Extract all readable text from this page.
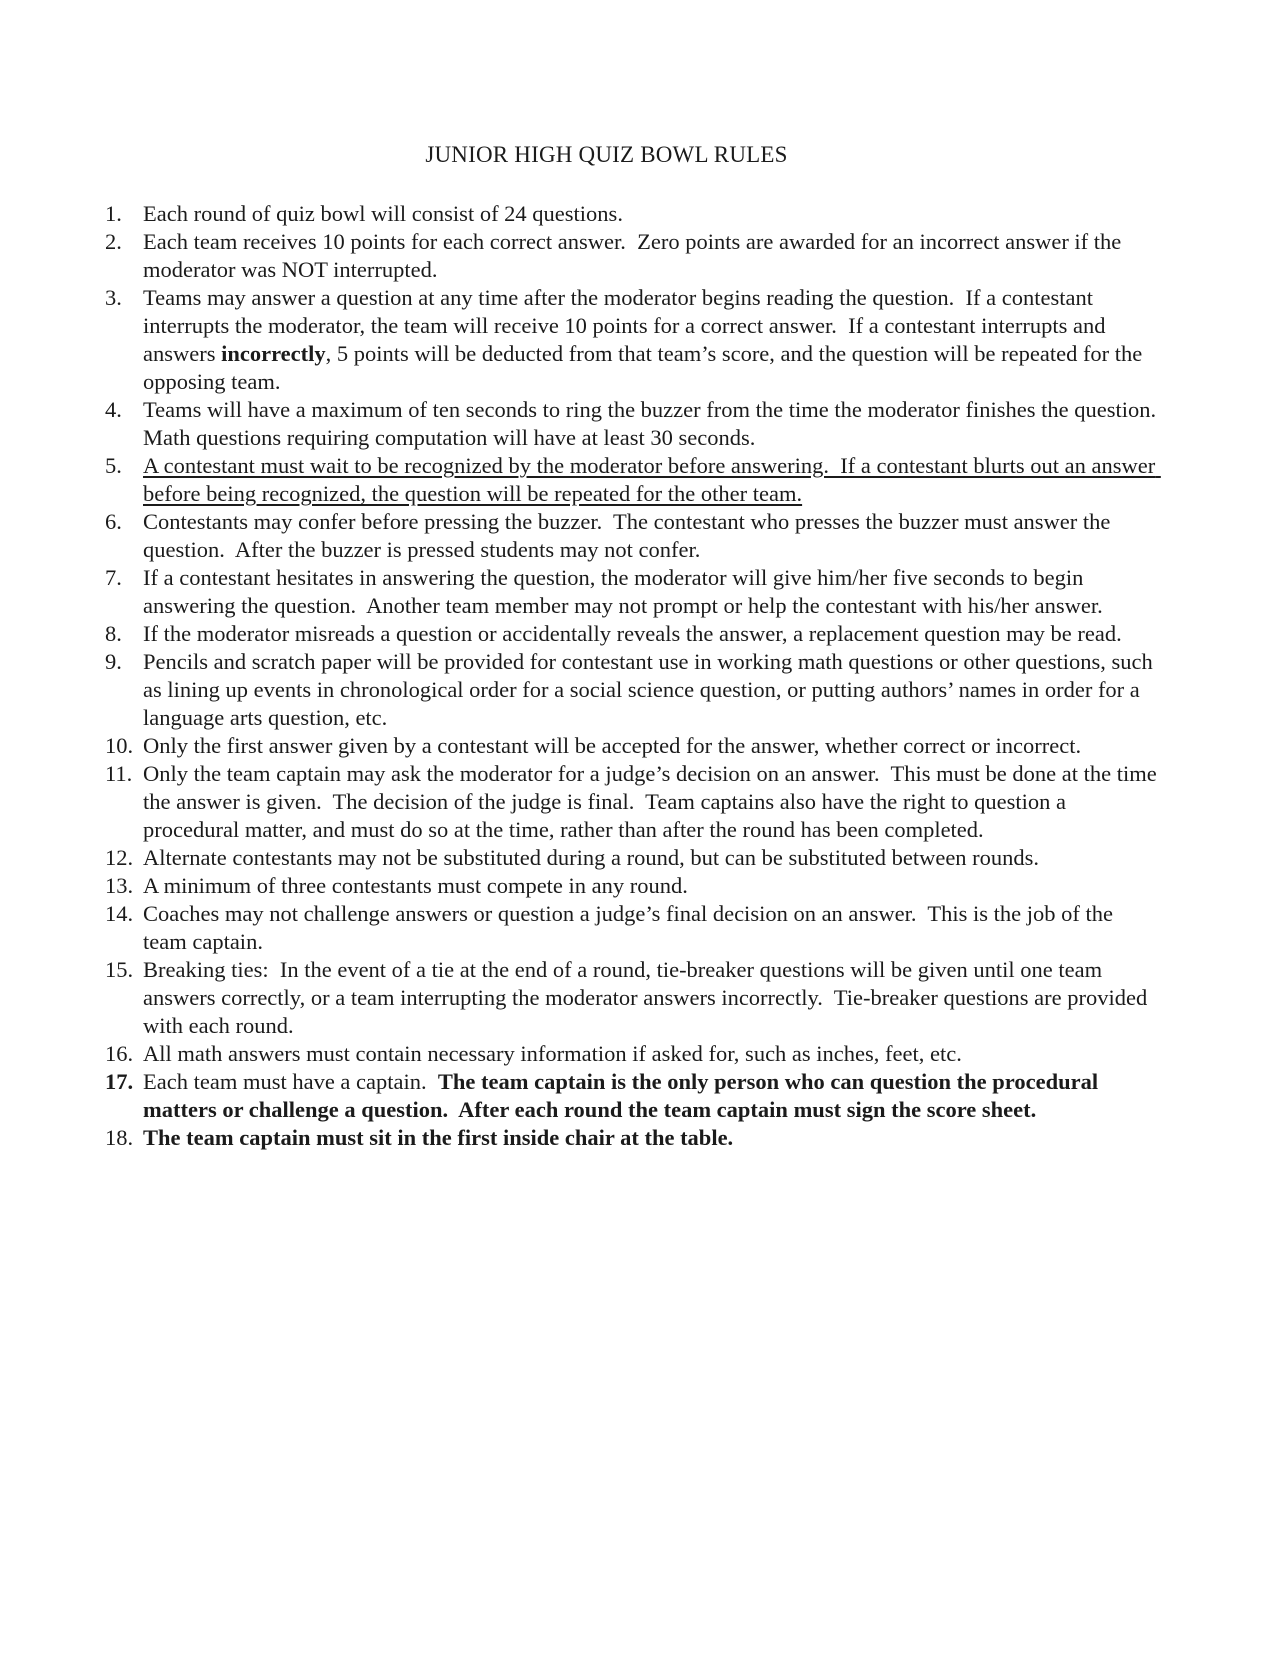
JUNIOR HIGH QUIZ BOWL RULES
1. Each round of quiz bowl will consist of 24 questions.
2. Each team receives 10 points for each correct answer.  Zero points are awarded for an incorrect answer if the moderator was NOT interrupted.
3. Teams may answer a question at any time after the moderator begins reading the question.  If a contestant interrupts the moderator, the team will receive 10 points for a correct answer.  If a contestant interrupts and answers incorrectly, 5 points will be deducted from that team’s score, and the question will be repeated for the opposing team.
4. Teams will have a maximum of ten seconds to ring the buzzer from the time the moderator finishes the question.  Math questions requiring computation will have at least 30 seconds.
5. A contestant must wait to be recognized by the moderator before answering.  If a contestant blurts out an answer before being recognized, the question will be repeated for the other team.
6. Contestants may confer before pressing the buzzer.  The contestant who presses the buzzer must answer the question.  After the buzzer is pressed students may not confer.
7. If a contestant hesitates in answering the question, the moderator will give him/her five seconds to begin answering the question.  Another team member may not prompt or help the contestant with his/her answer.
8. If the moderator misreads a question or accidentally reveals the answer, a replacement question may be read.
9. Pencils and scratch paper will be provided for contestant use in working math questions or other questions, such as lining up events in chronological order for a social science question, or putting authors’ names in order for a language arts question, etc.
10. Only the first answer given by a contestant will be accepted for the answer, whether correct or incorrect.
11. Only the team captain may ask the moderator for a judge’s decision on an answer.  This must be done at the time the answer is given.  The decision of the judge is final.  Team captains also have the right to question a procedural matter, and must do so at the time, rather than after the round has been completed.
12. Alternate contestants may not be substituted during a round, but can be substituted between rounds.
13. A minimum of three contestants must compete in any round.
14. Coaches may not challenge answers or question a judge’s final decision on an answer.  This is the job of the team captain.
15. Breaking ties:  In the event of a tie at the end of a round, tie-breaker questions will be given until one team answers correctly, or a team interrupting the moderator answers incorrectly.  Tie-breaker questions are provided with each round.
16. All math answers must contain necessary information if asked for, such as inches, feet, etc.
17. Each team must have a captain.  The team captain is the only person who can question the procedural matters or challenge a question.  After each round the team captain must sign the score sheet.
18. The team captain must sit in the first inside chair at the table.
